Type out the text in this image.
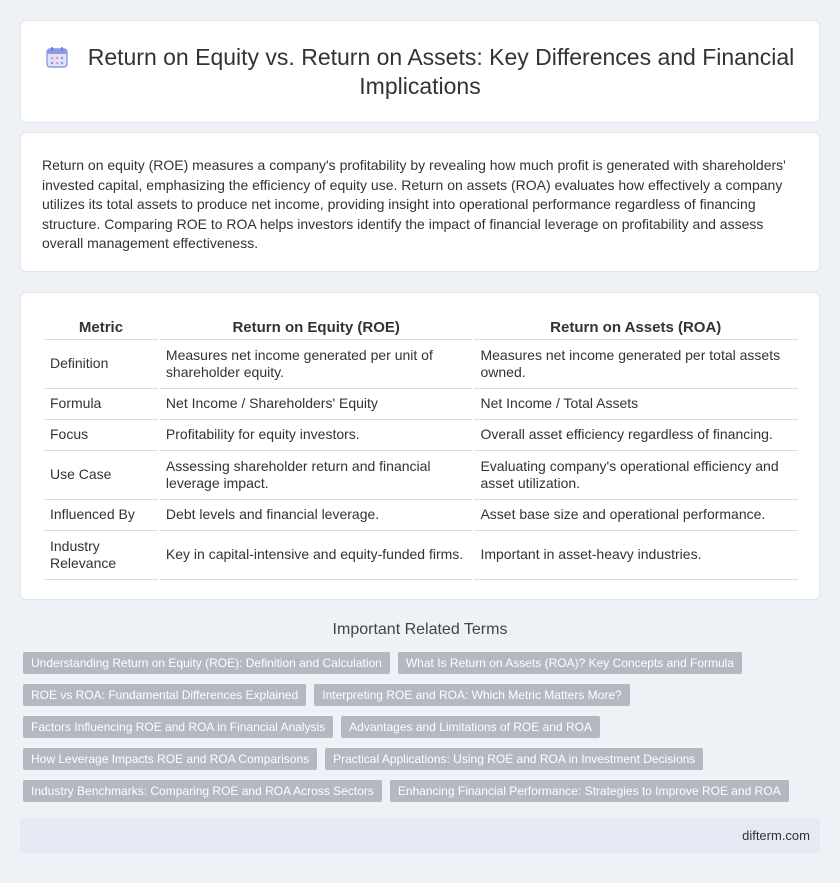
Return on Equity vs. Return on Assets: Key Differences and Financial Implications
Return on equity (ROE) measures a company's profitability by revealing how much profit is generated with shareholders' invested capital, emphasizing the efficiency of equity use. Return on assets (ROA) evaluates how effectively a company utilizes its total assets to produce net income, providing insight into operational performance regardless of financing structure. Comparing ROE to ROA helps investors identify the impact of financial leverage on profitability and assess overall management effectiveness.
Metric	Return on Equity (ROE)	Return on Assets (ROA)
Definition	Measures net income generated per unit of shareholder equity.	Measures net income generated per total assets owned.
Formula	Net Income / Shareholders' Equity	Net Income / Total Assets
Focus	Profitability for equity investors.	Overall asset efficiency regardless of financing.
Use Case	Assessing shareholder return and financial leverage impact.	Evaluating company's operational efficiency and asset utilization.
Influenced By	Debt levels and financial leverage.	Asset base size and operational performance.
Industry Relevance	Key in capital-intensive and equity-funded firms.	Important in asset-heavy industries.
Important Related Terms
Understanding Return on Equity (ROE): Definition and Calculation	What Is Return on Assets (ROA)? Key Concepts and Formula
ROE vs ROA: Fundamental Differences Explained	Interpreting ROE and ROA: Which Metric Matters More?
Factors Influencing ROE and ROA in Financial Analysis	Advantages and Limitations of ROE and ROA
How Leverage Impacts ROE and ROA Comparisons	Practical Applications: Using ROE and ROA in Investment Decisions
Industry Benchmarks: Comparing ROE and ROA Across Sectors	Enhancing Financial Performance: Strategies to Improve ROE and ROA
difterm.com
